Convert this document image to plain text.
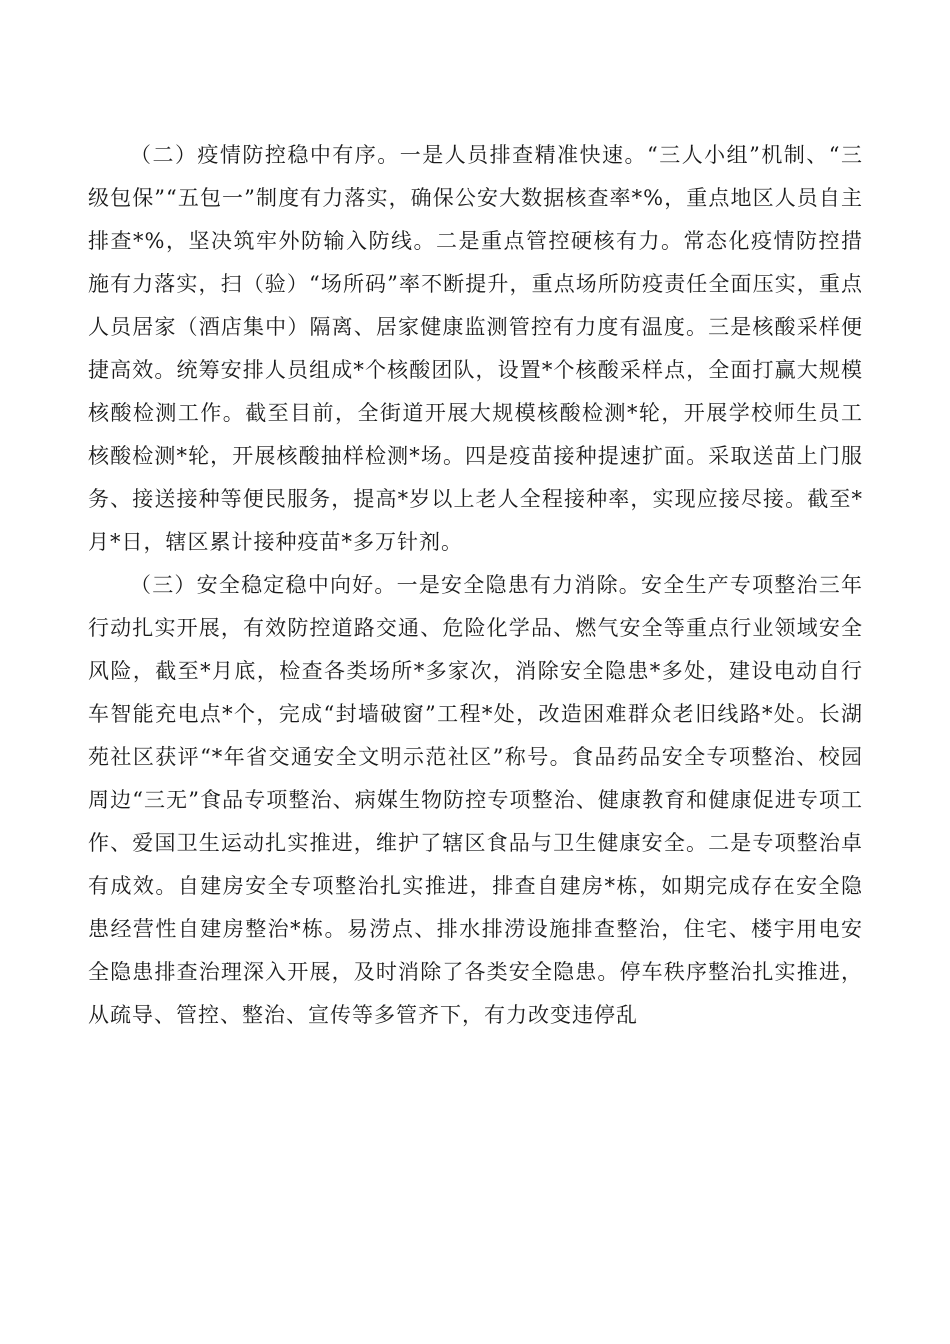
（二）疫情防控稳中有序。一是人员排查精准快速。“三人小组”机制、“三级包保”“五包一”制度有力落实，确保公安大数据核查率*%，重点地区人员自主排查*%，坚决筑牢外防输入防线。二是重点管控硬核有力。常态化疫情防控措施有力落实，扫（验）“场所码”率不断提升，重点场所防疫责任全面压实，重点人员居家（酒店集中）隔离、居家健康监测管控有力度有温度。三是核酸采样便捷高效。统筹安排人员组成*个核酸团队，设置*个核酸采样点，全面打赢大规模核酸检测工作。截至目前，全街道开展大规模核酸检测*轮，开展学校师生员工核酸检测*轮，开展核酸抽样检测*场。四是疫苗接种提速扩面。采取送苗上门服务、接送接种等便民服务，提高*岁以上老人全程接种率，实现应接尽接。截至*月*日，辖区累计接种疫苗*多万针剂。

（三）安全稳定稳中向好。一是安全隐患有力消除。安全生产专项整治三年行动扎实开展，有效防控道路交通、危险化学品、燃气安全等重点行业领域安全风险，截至*月底，检查各类场所*多家次，消除安全隐患*多处，建设电动自行车智能充电点*个，完成“封墙破窗”工程*处，改造困难群众老旧线路*处。长湖苑社区获评“*年省交通安全文明示范社区”称号。食品药品安全专项整治、校园周边“三无”食品专项整治、病媒生物防控专项整治、健康教育和健康促进专项工作、爱国卫生运动扎实推进，维护了辖区食品与卫生健康安全。二是专项整治卓有成效。自建房安全专项整治扎实推进，排查自建房*栋，如期完成存在安全隐患经营性自建房整治*栋。易涝点、排水排涝设施排查整治，住宅、楼宇用电安全隐患排查治理深入开展，及时消除了各类安全隐患。停车秩序整治扎实推进，从疏导、管控、整治、宣传等多管齐下，有力改变违停乱
